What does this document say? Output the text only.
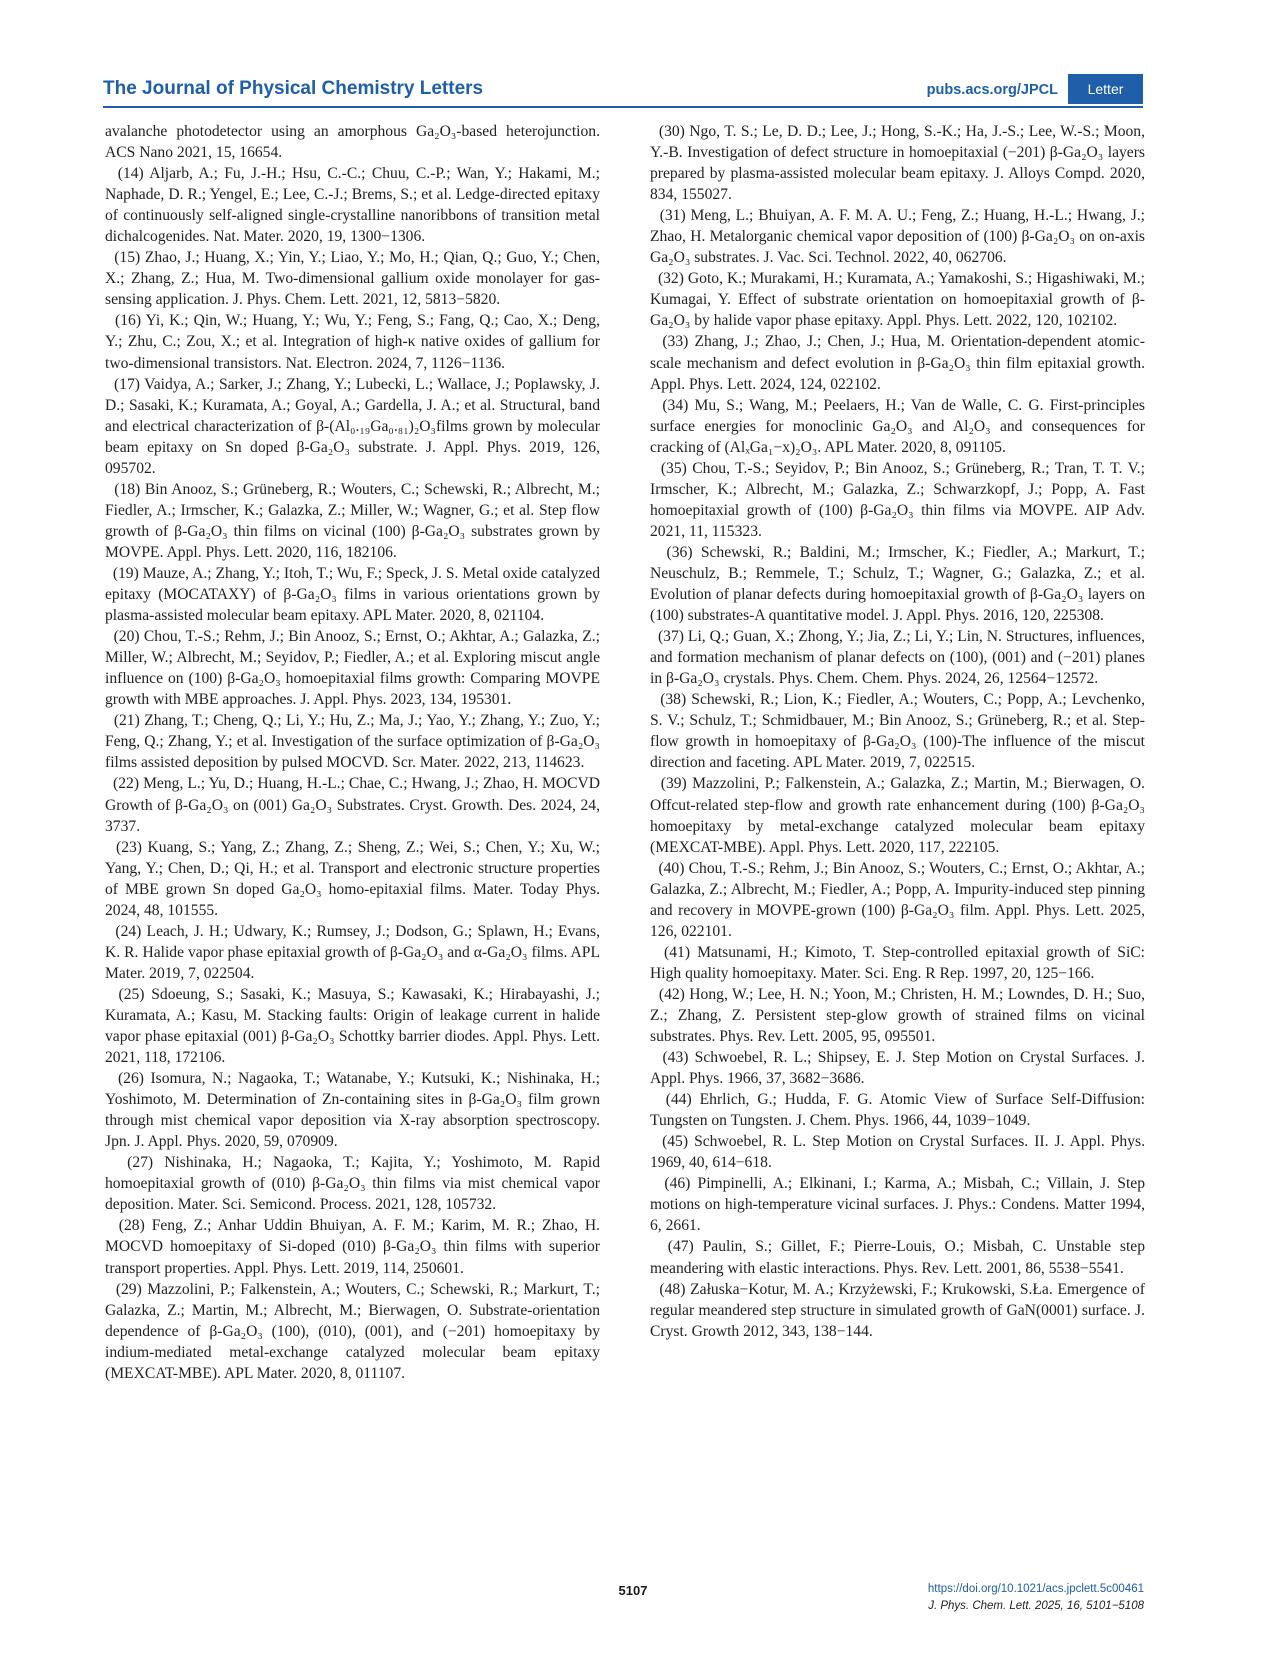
The Journal of Physical Chemistry Letters	pubs.acs.org/JPCL	Letter

avalanche photodetector using an amorphous Ga₂O₃-based heterojunction. ACS Nano 2021, 15, 16654.

(14) Aljarb, A.; Fu, J.-H.; Hsu, C.-C.; Chuu, C.-P.; Wan, Y.; Hakami, M.; Naphade, D. R.; Yengel, E.; Lee, C.-J.; Brems, S.; et al. Ledge-directed epitaxy of continuously self-aligned single-crystalline nanoribbons of transition metal dichalcogenides. Nat. Mater. 2020, 19, 1300−1306.

(15) Zhao, J.; Huang, X.; Yin, Y.; Liao, Y.; Mo, H.; Qian, Q.; Guo, Y.; Chen, X.; Zhang, Z.; Hua, M. Two-dimensional gallium oxide monolayer for gas-sensing application. J. Phys. Chem. Lett. 2021, 12, 5813−5820.

(16) Yi, K.; Qin, W.; Huang, Y.; Wu, Y.; Feng, S.; Fang, Q.; Cao, X.; Deng, Y.; Zhu, C.; Zou, X.; et al. Integration of high-κ native oxides of gallium for two-dimensional transistors. Nat. Electron. 2024, 7, 1126−1136.

(17) Vaidya, A.; Sarker, J.; Zhang, Y.; Lubecki, L.; Wallace, J.; Poplawsky, J. D.; Sasaki, K.; Kuramata, A.; Goyal, A.; Gardella, J. A.; et al. Structural, band and electrical characterization of β-(Al₀.₁₉Ga₀.₈₁)₂O₃films grown by molecular beam epitaxy on Sn doped β-Ga₂O₃ substrate. J. Appl. Phys. 2019, 126, 095702.

(18) Bin Anooz, S.; Grüneberg, R.; Wouters, C.; Schewski, R.; Albrecht, M.; Fiedler, A.; Irmscher, K.; Galazka, Z.; Miller, W.; Wagner, G.; et al. Step flow growth of β-Ga₂O₃ thin films on vicinal (100) β-Ga₂O₃ substrates grown by MOVPE. Appl. Phys. Lett. 2020, 116, 182106.

(19) Mauze, A.; Zhang, Y.; Itoh, T.; Wu, F.; Speck, J. S. Metal oxide catalyzed epitaxy (MOCATAXY) of β-Ga₂O₃ films in various orientations grown by plasma-assisted molecular beam epitaxy. APL Mater. 2020, 8, 021104.

(20) Chou, T.-S.; Rehm, J.; Bin Anooz, S.; Ernst, O.; Akhtar, A.; Galazka, Z.; Miller, W.; Albrecht, M.; Seyidov, P.; Fiedler, A.; et al. Exploring miscut angle influence on (100) β-Ga₂O₃ homoepitaxial films growth: Comparing MOVPE growth with MBE approaches. J. Appl. Phys. 2023, 134, 195301.

(21) Zhang, T.; Cheng, Q.; Li, Y.; Hu, Z.; Ma, J.; Yao, Y.; Zhang, Y.; Zuo, Y.; Feng, Q.; Zhang, Y.; et al. Investigation of the surface optimization of β-Ga₂O₃ films assisted deposition by pulsed MOCVD. Scr. Mater. 2022, 213, 114623.

(22) Meng, L.; Yu, D.; Huang, H.-L.; Chae, C.; Hwang, J.; Zhao, H. MOCVD Growth of β-Ga₂O₃ on (001) Ga₂O₃ Substrates. Cryst. Growth. Des. 2024, 24, 3737.

(23) Kuang, S.; Yang, Z.; Zhang, Z.; Sheng, Z.; Wei, S.; Chen, Y.; Xu, W.; Yang, Y.; Chen, D.; Qi, H.; et al. Transport and electronic structure properties of MBE grown Sn doped Ga₂O₃ homo-epitaxial films. Mater. Today Phys. 2024, 48, 101555.

(24) Leach, J. H.; Udwary, K.; Rumsey, J.; Dodson, G.; Splawn, H.; Evans, K. R. Halide vapor phase epitaxial growth of β-Ga₂O₃ and α-Ga₂O₃ films. APL Mater. 2019, 7, 022504.

(25) Sdoeung, S.; Sasaki, K.; Masuya, S.; Kawasaki, K.; Hirabayashi, J.; Kuramata, A.; Kasu, M. Stacking faults: Origin of leakage current in halide vapor phase epitaxial (001) β-Ga₂O₃ Schottky barrier diodes. Appl. Phys. Lett. 2021, 118, 172106.

(26) Isomura, N.; Nagaoka, T.; Watanabe, Y.; Kutsuki, K.; Nishinaka, H.; Yoshimoto, M. Determination of Zn-containing sites in β-Ga₂O₃ film grown through mist chemical vapor deposition via X-ray absorption spectroscopy. Jpn. J. Appl. Phys. 2020, 59, 070909.

(27) Nishinaka, H.; Nagaoka, T.; Kajita, Y.; Yoshimoto, M. Rapid homoepitaxial growth of (010) β-Ga₂O₃ thin films via mist chemical vapor deposition. Mater. Sci. Semicond. Process. 2021, 128, 105732.

(28) Feng, Z.; Anhar Uddin Bhuiyan, A. F. M.; Karim, M. R.; Zhao, H. MOCVD homoepitaxy of Si-doped (010) β-Ga₂O₃ thin films with superior transport properties. Appl. Phys. Lett. 2019, 114, 250601.

(29) Mazzolini, P.; Falkenstein, A.; Wouters, C.; Schewski, R.; Markurt, T.; Galazka, Z.; Martin, M.; Albrecht, M.; Bierwagen, O. Substrate-orientation dependence of β-Ga₂O₃ (100), (010), (001), and (−201) homoepitaxy by indium-mediated metal-exchange catalyzed molecular beam epitaxy (MEXCAT-MBE). APL Mater. 2020, 8, 011107.

(30) Ngo, T. S.; Le, D. D.; Lee, J.; Hong, S.-K.; Ha, J.-S.; Lee, W.-S.; Moon, Y.-B. Investigation of defect structure in homoepitaxial (−201) β-Ga₂O₃ layers prepared by plasma-assisted molecular beam epitaxy. J. Alloys Compd. 2020, 834, 155027.

(31) Meng, L.; Bhuiyan, A. F. M. A. U.; Feng, Z.; Huang, H.-L.; Hwang, J.; Zhao, H. Metalorganic chemical vapor deposition of (100) β-Ga₂O₃ on on-axis Ga₂O₃ substrates. J. Vac. Sci. Technol. 2022, 40, 062706.

(32) Goto, K.; Murakami, H.; Kuramata, A.; Yamakoshi, S.; Higashiwaki, M.; Kumagai, Y. Effect of substrate orientation on homoepitaxial growth of β-Ga₂O₃ by halide vapor phase epitaxy. Appl. Phys. Lett. 2022, 120, 102102.

(33) Zhang, J.; Zhao, J.; Chen, J.; Hua, M. Orientation-dependent atomic-scale mechanism and defect evolution in β-Ga₂O₃ thin film epitaxial growth. Appl. Phys. Lett. 2024, 124, 022102.

(34) Mu, S.; Wang, M.; Peelaers, H.; Van de Walle, C. G. First-principles surface energies for monoclinic Ga₂O₃ and Al₂O₃ and consequences for cracking of (AlₓGa₁−x)₂O₃. APL Mater. 2020, 8, 091105.

(35) Chou, T.-S.; Seyidov, P.; Bin Anooz, S.; Grüneberg, R.; Tran, T. T. V.; Irmscher, K.; Albrecht, M.; Galazka, Z.; Schwarzkopf, J.; Popp, A. Fast homoepitaxial growth of (100) β-Ga₂O₃ thin films via MOVPE. AIP Adv. 2021, 11, 115323.

(36) Schewski, R.; Baldini, M.; Irmscher, K.; Fiedler, A.; Markurt, T.; Neuschulz, B.; Remmele, T.; Schulz, T.; Wagner, G.; Galazka, Z.; et al. Evolution of planar defects during homoepitaxial growth of β-Ga₂O₃ layers on (100) substrates-A quantitative model. J. Appl. Phys. 2016, 120, 225308.

(37) Li, Q.; Guan, X.; Zhong, Y.; Jia, Z.; Li, Y.; Lin, N. Structures, influences, and formation mechanism of planar defects on (100), (001) and (−201) planes in β-Ga₂O₃ crystals. Phys. Chem. Chem. Phys. 2024, 26, 12564−12572.

(38) Schewski, R.; Lion, K.; Fiedler, A.; Wouters, C.; Popp, A.; Levchenko, S. V.; Schulz, T.; Schmidbauer, M.; Bin Anooz, S.; Grüneberg, R.; et al. Step-flow growth in homoepitaxy of β-Ga₂O₃ (100)-The influence of the miscut direction and faceting. APL Mater. 2019, 7, 022515.

(39) Mazzolini, P.; Falkenstein, A.; Galazka, Z.; Martin, M.; Bierwagen, O. Offcut-related step-flow and growth rate enhancement during (100) β-Ga₂O₃ homoepitaxy by metal-exchange catalyzed molecular beam epitaxy (MEXCAT-MBE). Appl. Phys. Lett. 2020, 117, 222105.

(40) Chou, T.-S.; Rehm, J.; Bin Anooz, S.; Wouters, C.; Ernst, O.; Akhtar, A.; Galazka, Z.; Albrecht, M.; Fiedler, A.; Popp, A. Impurity-induced step pinning and recovery in MOVPE-grown (100) β-Ga₂O₃ film. Appl. Phys. Lett. 2025, 126, 022101.

(41) Matsunami, H.; Kimoto, T. Step-controlled epitaxial growth of SiC: High quality homoepitaxy. Mater. Sci. Eng. R Rep. 1997, 20, 125−166.

(42) Hong, W.; Lee, H. N.; Yoon, M.; Christen, H. M.; Lowndes, D. H.; Suo, Z.; Zhang, Z. Persistent step-glow growth of strained films on vicinal substrates. Phys. Rev. Lett. 2005, 95, 095501.

(43) Schwoebel, R. L.; Shipsey, E. J. Step Motion on Crystal Surfaces. J. Appl. Phys. 1966, 37, 3682−3686.

(44) Ehrlich, G.; Hudda, F. G. Atomic View of Surface Self-Diffusion: Tungsten on Tungsten. J. Chem. Phys. 1966, 44, 1039−1049.

(45) Schwoebel, R. L. Step Motion on Crystal Surfaces. II. J. Appl. Phys. 1969, 40, 614−618.

(46) Pimpinelli, A.; Elkinani, I.; Karma, A.; Misbah, C.; Villain, J. Step motions on high-temperature vicinal surfaces. J. Phys.: Condens. Matter 1994, 6, 2661.

(47) Paulin, S.; Gillet, F.; Pierre-Louis, O.; Misbah, C. Unstable step meandering with elastic interactions. Phys. Rev. Lett. 2001, 86, 5538−5541.

(48) Załuska−Kotur, M. A.; Krzyżewski, F.; Krukowski, S.Ła. Emergence of regular meandered step structure in simulated growth of GaN(0001) surface. J. Cryst. Growth 2012, 343, 138−144.

5107	https://doi.org/10.1021/acs.jpclett.5c00461
J. Phys. Chem. Lett. 2025, 16, 5101−5108
